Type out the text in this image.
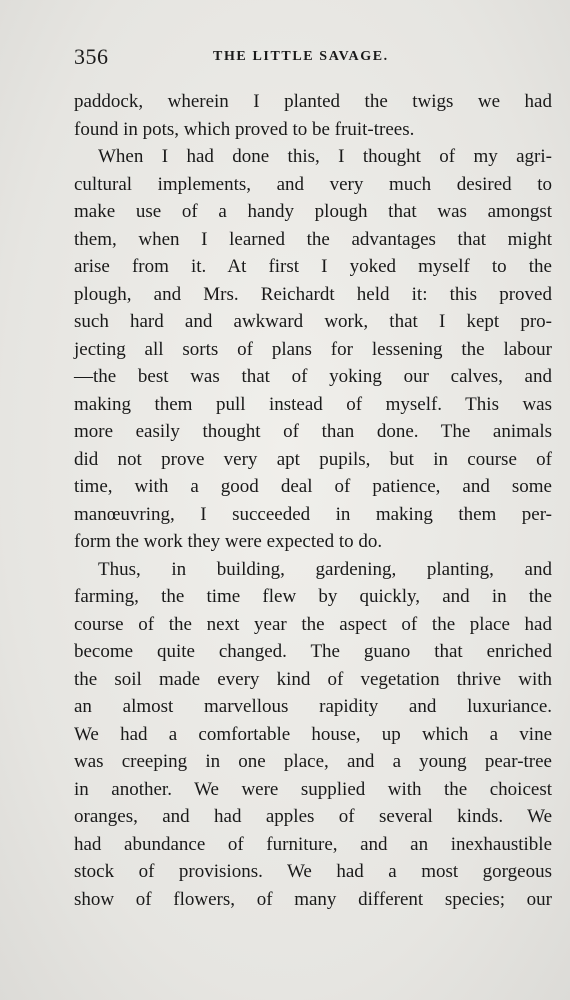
356	THE LITTLE SAVAGE.
paddock, wherein I planted the twigs we had
found in pots, which proved to be fruit-trees.
When I had done this, I thought of my agri-
cultural implements, and very much desired to
make use of a handy plough that was amongst
them, when I learned the advantages that might
arise from it. At first I yoked myself to the
plough, and Mrs. Reichardt held it: this proved
such hard and awkward work, that I kept pro-
jecting all sorts of plans for lessening the labour
—the best was that of yoking our calves, and
making them pull instead of myself. This was
more easily thought of than done. The animals
did not prove very apt pupils, but in course of
time, with a good deal of patience, and some
manœuvring, I succeeded in making them per-
form the work they were expected to do.
Thus, in building, gardening, planting, and
farming, the time flew by quickly, and in the
course of the next year the aspect of the place had
become quite changed. The guano that enriched
the soil made every kind of vegetation thrive with
an almost marvellous rapidity and luxuriance.
We had a comfortable house, up which a vine
was creeping in one place, and a young pear-tree
in another. We were supplied with the choicest
oranges, and had apples of several kinds. We
had abundance of furniture, and an inexhaustible
stock of provisions. We had a most gorgeous
show of flowers, of many different species; our
